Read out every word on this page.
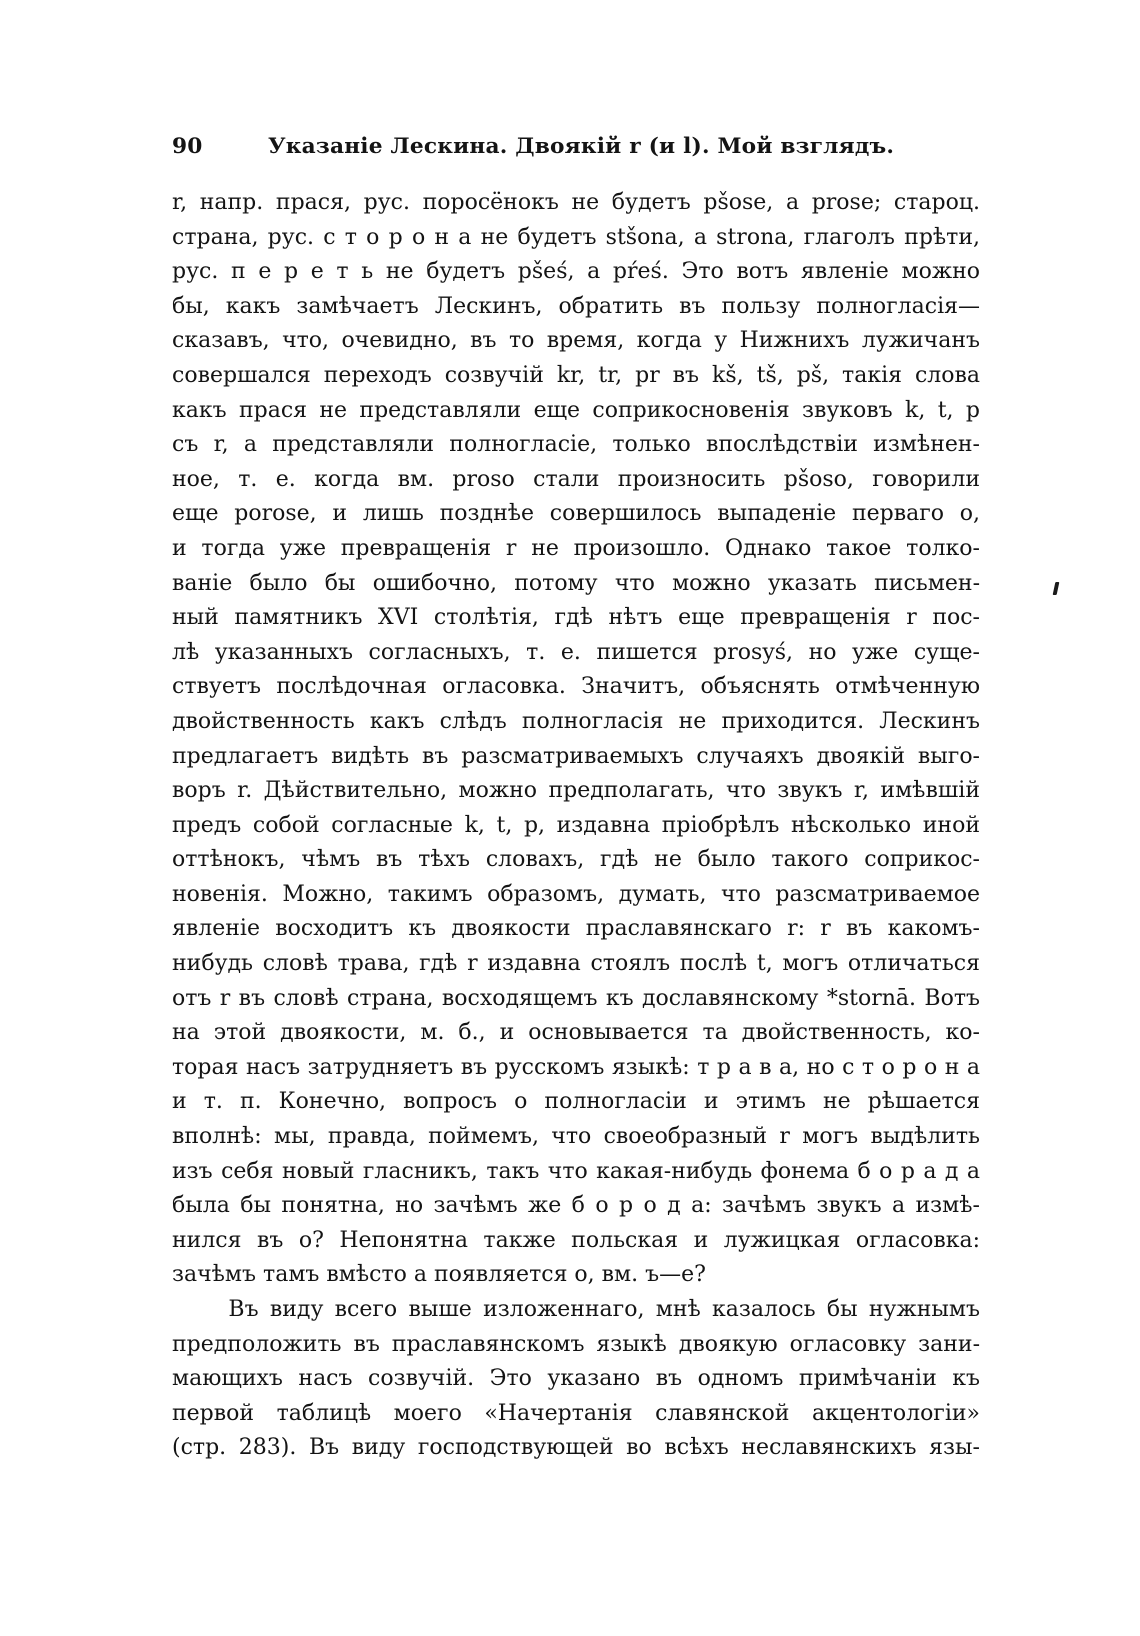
90	Указаніе Лескина. Двоякій r (и l). Мой взглядъ.
r, напр. прася, рус. поросёнокъ не будетъ pšose, a prose; староц.
страна, рус. с т о р о н а не будетъ stšona, a strona, глаголъ прѣти,
рус. п е р е т ь не будетъ pšeś, a pŕeś. Это вотъ явленіе можно
бы, какъ замѣчаетъ Лескинъ, обратить въ пользу полногласія—
сказавъ, что, очевидно, въ то время, когда у Нижнихъ лужичанъ
совершался переходъ созвучій kr, tr, pr въ kš, tš, pš, такія слова
какъ прася не представляли еще соприкосновенія звуковъ k, t, p
съ r, a представляли полногласіе, только впослѣдствіи измѣнен-
ное, т. е. когда вм. proso стали произносить pšoso, говорили
еще porose, и лишь позднѣе совершилось выпаденіе перваго о,
и тогда уже превращенія r не произошло. Однако такое толко-
ваніе было бы ошибочно, потому что можно указать письмен-
ный памятникъ XVI столѣтія, гдѣ нѣтъ еще превращенія r пос-
лѣ указанныхъ согласныхъ, т. е. пишется prosyś, но уже суще-
ствуетъ послѣдочная огласовка. Значитъ, объяснять отмѣченную
двойственность какъ слѣдъ полногласія не приходится. Лескинъ
предлагаетъ видѣть въ разсматриваемыхъ случаяхъ двоякій выго-
воръ r. Дѣйствительно, можно предполагать, что звукъ r, имѣвшій
предъ собой согласные k, t, p, издавна пріобрѣлъ нѣсколько иной
оттѣнокъ, чѣмъ въ тѣхъ словахъ, гдѣ не было такого соприкос-
новенія. Можно, такимъ образомъ, думать, что разсматриваемое
явленіе восходитъ къ двоякости праславянскаго r: r въ какомъ-
нибудь словѣ трава, гдѣ r издавна стоялъ послѣ t, могъ отличаться
отъ r въ словѣ страна, восходящемъ къ дославянскому *stornā. Вотъ
на этой двоякости, м. б., и основывается та двойственность, ко-
торая насъ затрудняетъ въ русскомъ языкѣ: т р а в а, но с т о р о н а
и т. п. Конечно, вопросъ о полногласіи и этимъ не рѣшается
вполнѣ: мы, правда, поймемъ, что своеобразный r могъ выдѣлить
изъ себя новый гласникъ, такъ что какая-нибудь фонема б о р а д а
была бы понятна, но зачѣмъ же б о р о д а: зачѣмъ звукъ а измѣ-
нился въ о? Непонятна также польская и лужицкая огласовка:
зачѣмъ тамъ вмѣсто а появляется о, вм. ъ—е?
Въ виду всего выше изложеннаго, мнѣ казалось бы нужнымъ
предположить въ праславянскомъ языкѣ двоякую огласовку зани-
мающихъ насъ созвучій. Это указано въ одномъ примѣчаніи къ
первой таблицѣ моего «Начертанія славянской акцентологіи»
(стр. 283). Въ виду господствующей во всѣхъ неславянскихъ язы-
